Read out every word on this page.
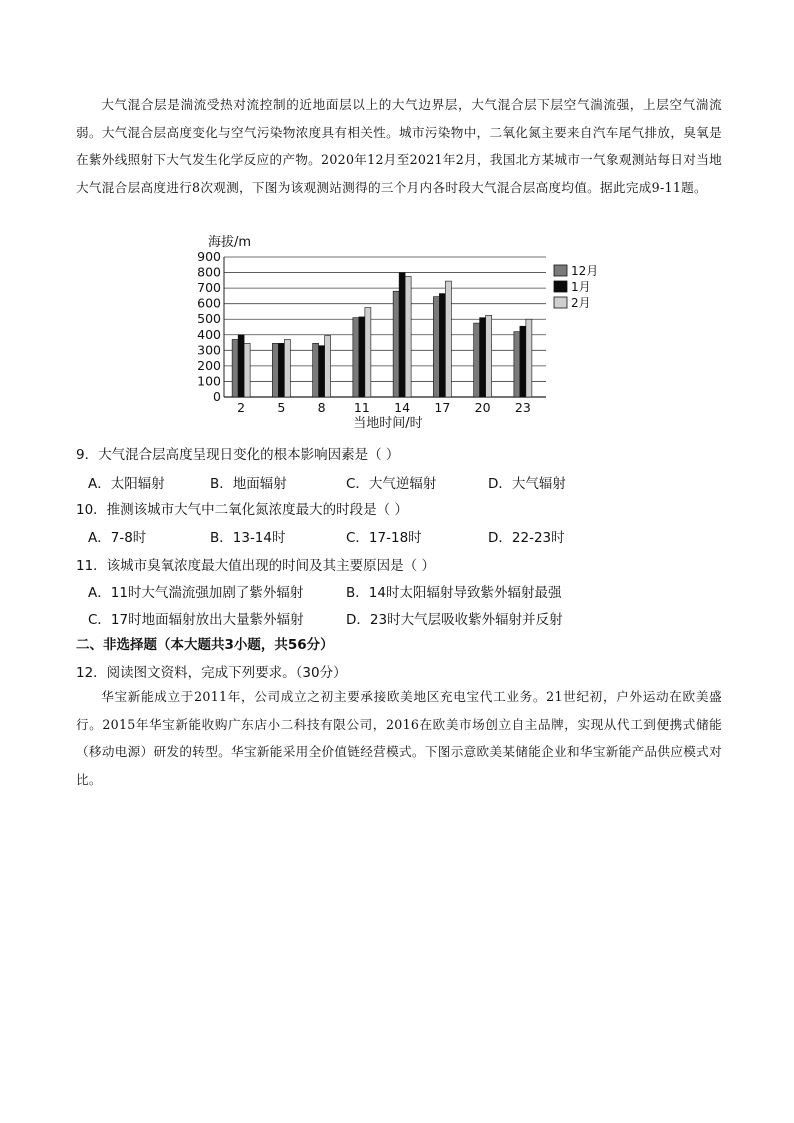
大气混合层是湍流受热对流控制的近地面层以上的大气边界层，大气混合层下层空气湍流强，上层空气湍流弱。大气混合层高度变化与空气污染物浓度具有相关性。城市污染物中，二氧化氮主要来自汽车尾气排放，臭氧是在紫外线照射下大气发生化学反应的产物。2020年12月至2021年2月，我国北方某城市一气象观测站每日对当地大气混合层高度进行8次观测，下图为该观测站测得的三个月内各时段大气混合层高度均值。据此完成9-11题。
0
100
200
300
400
500
600
700
800
900
2	5	8 11 14 17 20 23
12月
1月
2月
海拔/m
当地时间/时
9．大气混合层高度呈现日变化的根本影响因素是（ ）
A．太阳辐射	B．地面辐射	C．大气逆辐射	D．大气辐射
10．推测该城市大气中二氧化氮浓度最大的时段是（ ）
A．7-8时	B．13-14时	C．17-18时	D．22-23时
11．该城市臭氧浓度最大值出现的时间及其主要原因是（ ）
A．11时大气湍流强加剧了紫外辐射	B．14时太阳辐射导致紫外辐射最强
C．17时地面辐射放出大量紫外辐射	D．23时大气层吸收紫外辐射并反射
二、非选择题（本大题共3小题，共56分）
12．阅读图文资料，完成下列要求。（30分）
华宝新能成立于2011年，公司成立之初主要承接欧美地区充电宝代工业务。21世纪初，户外运动在欧美盛行。2015年华宝新能收购广东店小二科技有限公司，2016在欧美市场创立自主品牌，实现从代工到便携式储能（移动电源）研发的转型。华宝新能采用全价值链经营模式。下图示意欧美某储能企业和华宝新能产品供应模式对比。
